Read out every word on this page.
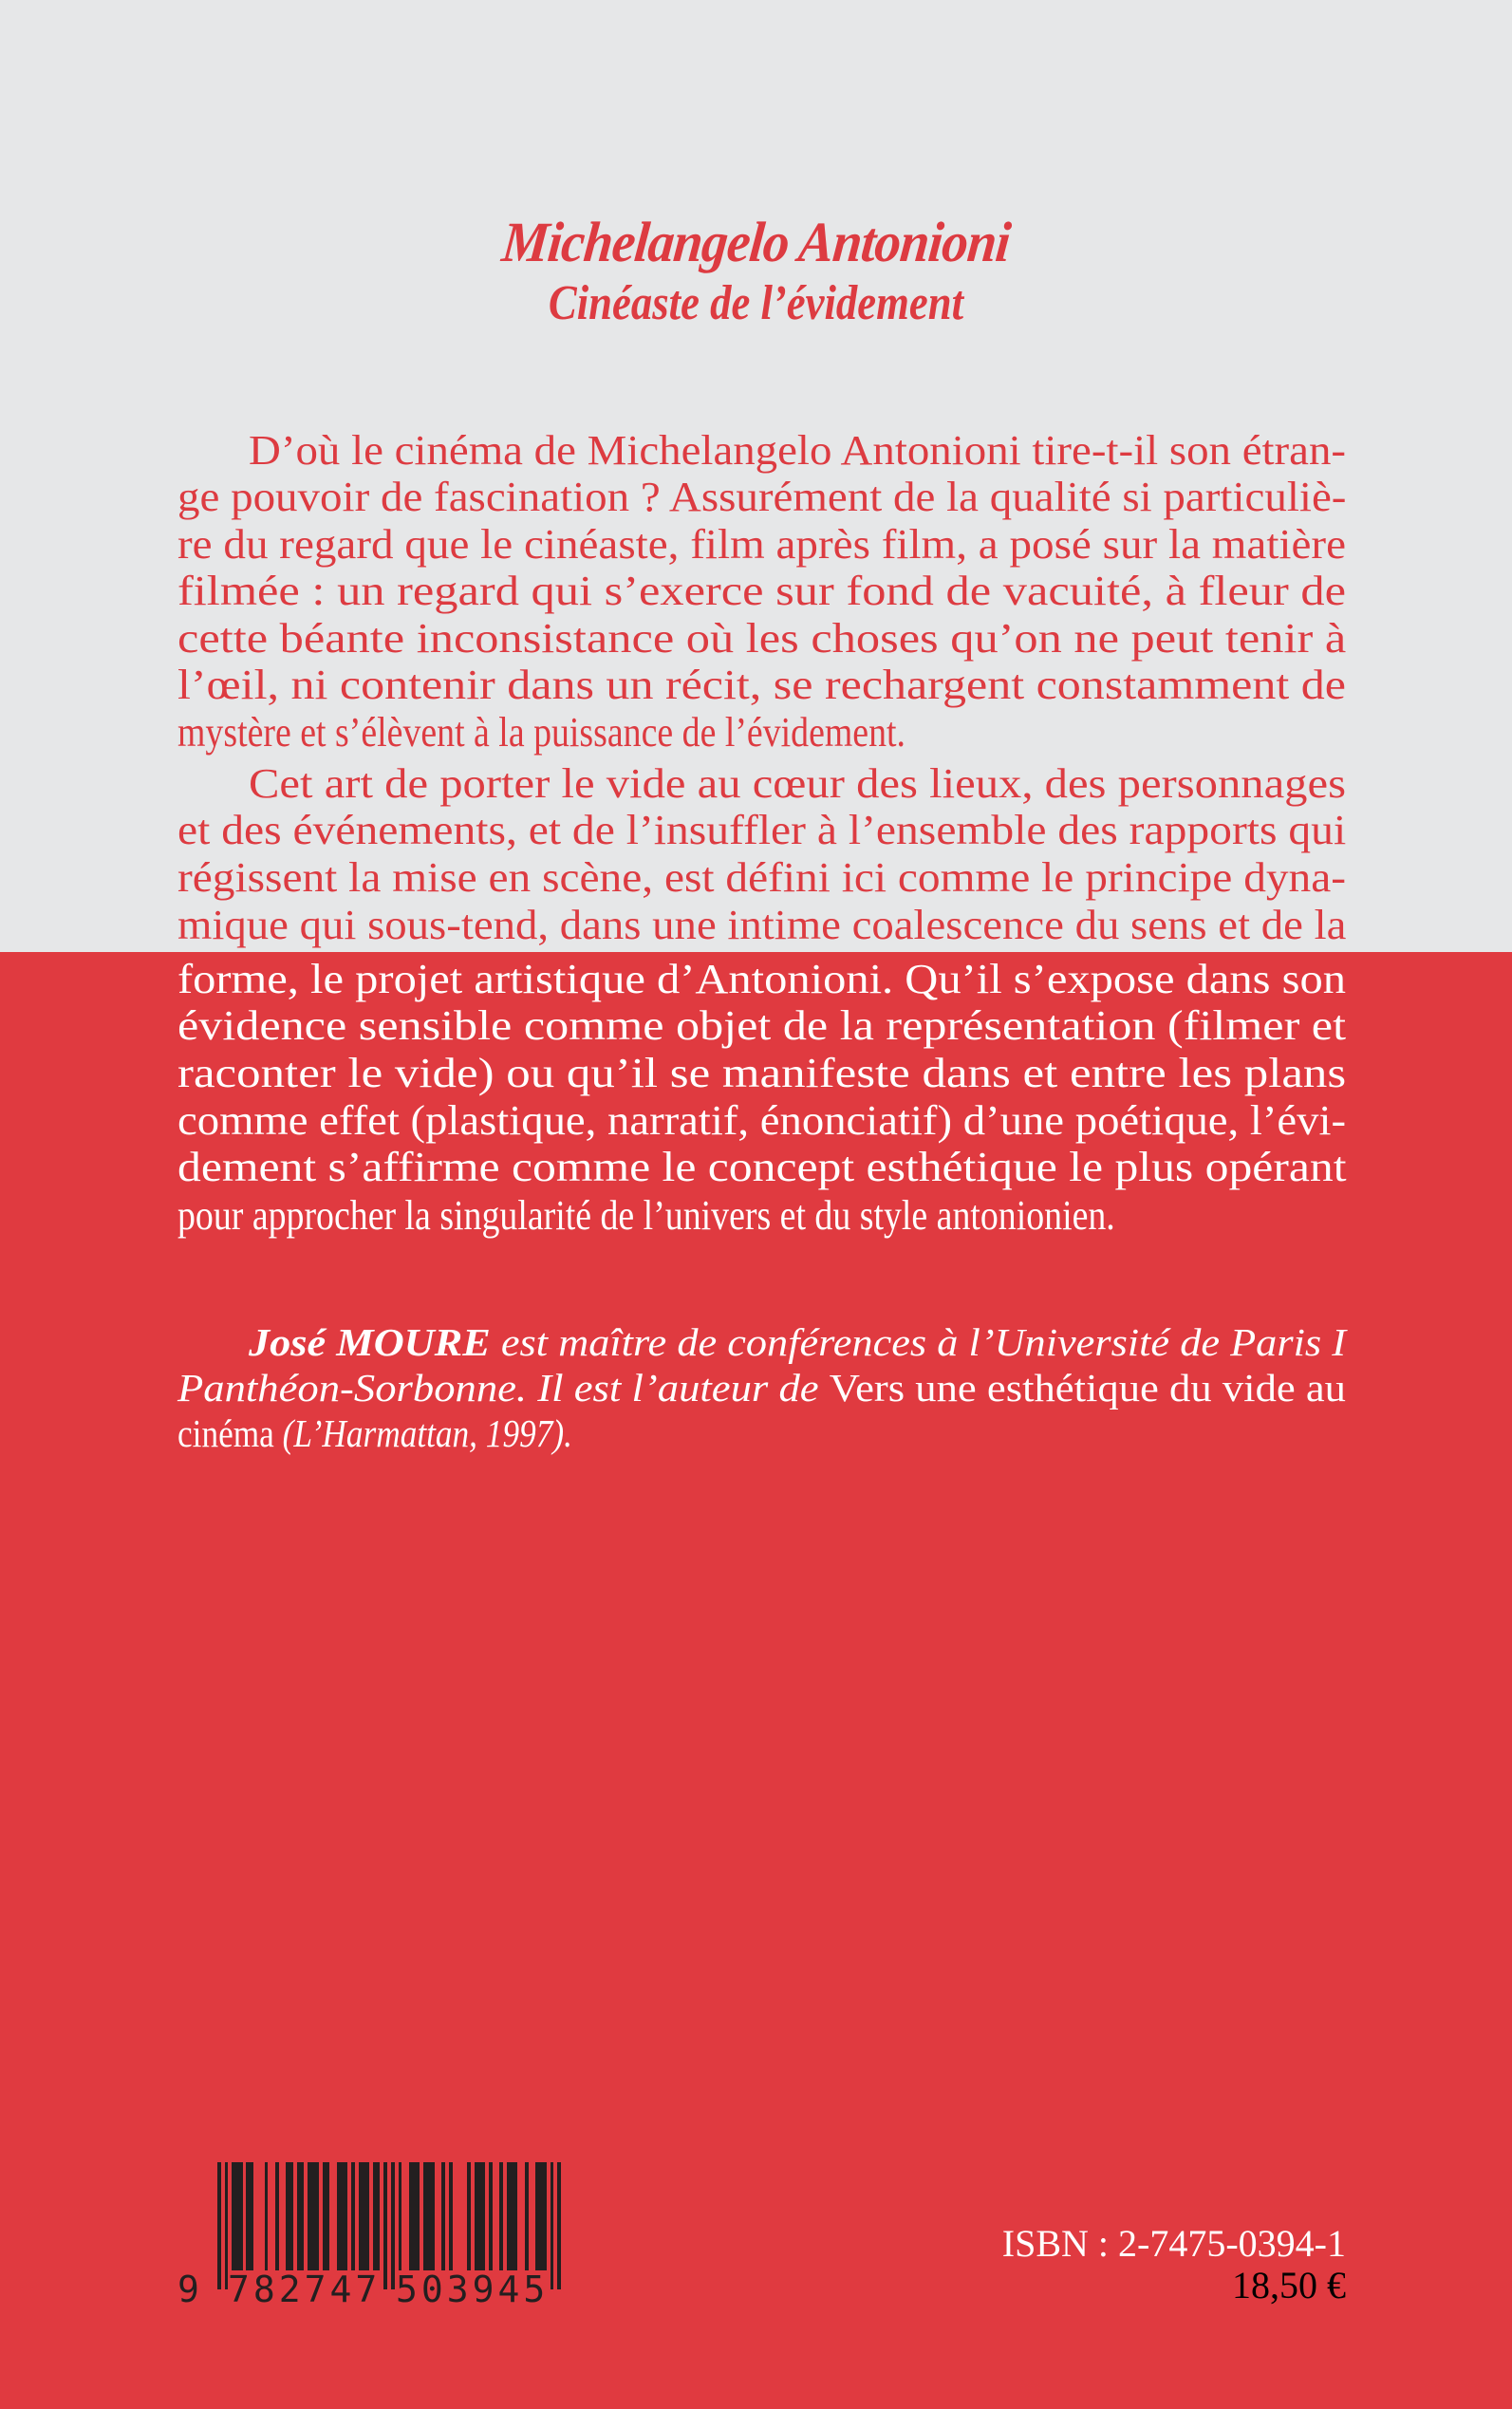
Michelangelo Antonioni
Cinéaste de l’évidement
D’où le cinéma de Michelangelo Antonioni tire-t-il son étran-
ge pouvoir de fascination ? Assurément de la qualité si particuliè-
re du regard que le cinéaste, film après film, a posé sur la matière
filmée : un regard qui s’exerce sur fond de vacuité, à fleur de
cette béante inconsistance où les choses qu’on ne peut tenir à
l’œil, ni contenir dans un récit, se rechargent constamment de
mystère et s’élèvent à la puissance de l’évidement.
Cet art de porter le vide au cœur des lieux, des personnages
et des événements, et de l’insuffler à l’ensemble des rapports qui
régissent la mise en scène, est défini ici comme le principe dyna-
mique qui sous-tend, dans une intime coalescence du sens et de la
forme, le projet artistique d’Antonioni. Qu’il s’expose dans son
évidence sensible comme objet de la représentation (filmer et
raconter le vide) ou qu’il se manifeste dans et entre les plans
comme effet (plastique, narratif, énonciatif) d’une poétique, l’évi-
dement s’affirme comme le concept esthétique le plus opérant
pour approcher la singularité de l’univers et du style antonionien.
José MOURE est maître de conférences à l’Université de Paris I
Panthéon-Sorbonne. Il est l’auteur de Vers une esthétique du vide au
cinéma (L’Harmattan, 1997).
9 782747 503945
ISBN : 2-7475-0394-1
18,50 €
